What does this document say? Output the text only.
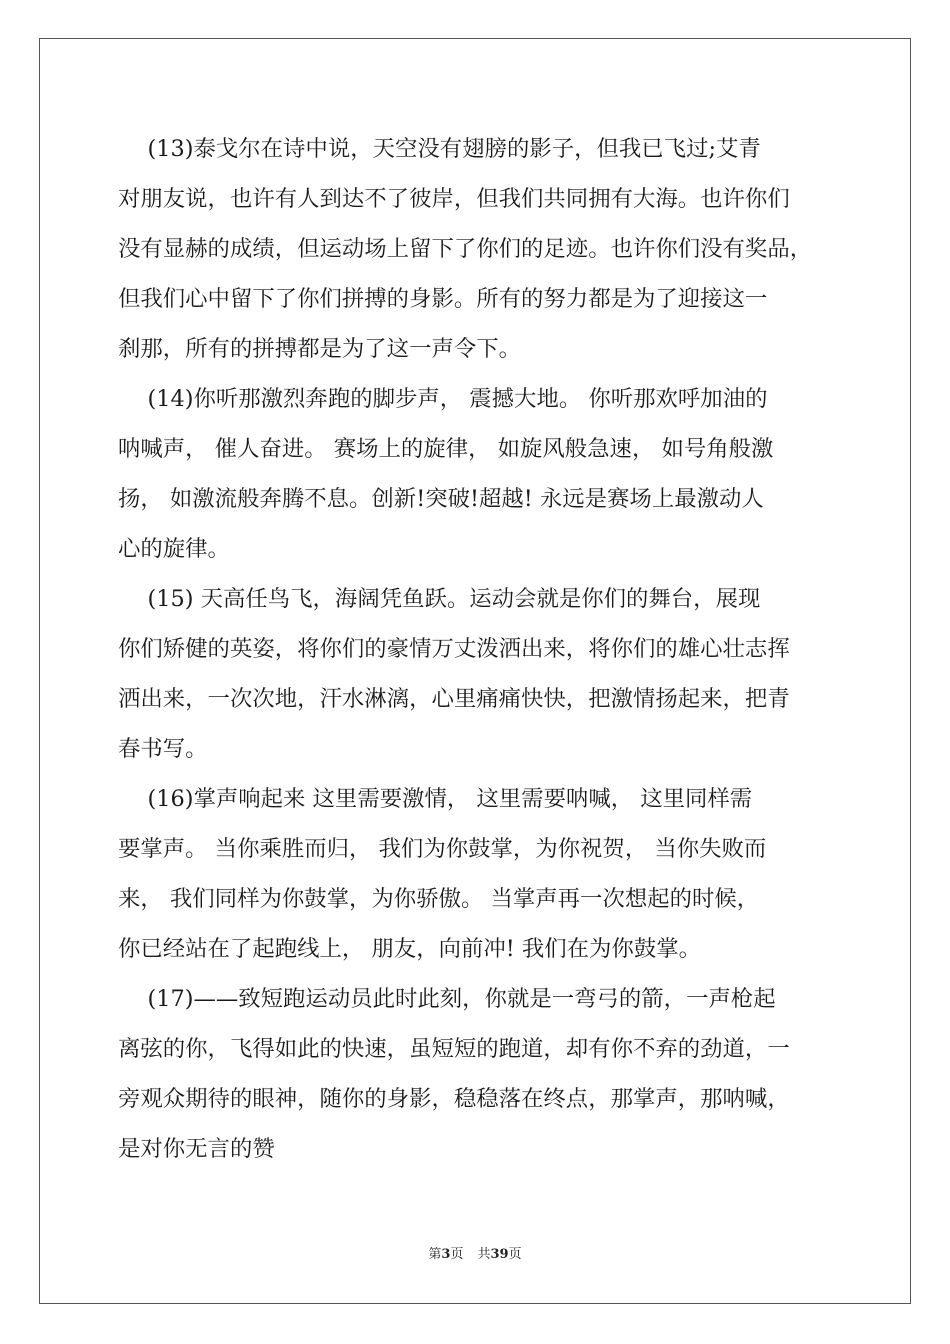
　 (13)泰戈尔在诗中说，天空没有翅膀的影子，但我已飞过;艾青
对朋友说，也许有人到达不了彼岸，但我们共同拥有大海。也许你们
没有显赫的成绩，但运动场上留下了你们的足迹。也许你们没有奖品，
但我们心中留下了你们拼搏的身影。所有的努力都是为了迎接这一
刹那，所有的拼搏都是为了这一声令下。
　 (14)你听那激烈奔跑的脚步声， 震撼大地。 你听那欢呼加油的
呐喊声， 催人奋进。 赛场上的旋律， 如旋风般急速， 如号角般激
扬， 如激流般奔腾不息。创新!突破!超越! 永远是赛场上最激动人
心的旋律。
　 (15) 天高任鸟飞，海阔凭鱼跃。运动会就是你们的舞台，展现
你们矫健的英姿，将你们的豪情万丈泼洒出来，将你们的雄心壮志挥
洒出来，一次次地，汗水淋漓，心里痛痛快快，把激情扬起来，把青
春书写。
　 (16)掌声响起来 这里需要激情， 这里需要呐喊， 这里同样需
要掌声。 当你乘胜而归， 我们为你鼓掌，为你祝贺， 当你失败而
来， 我们同样为你鼓掌，为你骄傲。 当掌声再一次想起的时候，
你已经站在了起跑线上， 朋友，向前冲! 我们在为你鼓掌。
　 (17)——致短跑运动员此时此刻，你就是一弯弓的箭，一声枪起
离弦的你，飞得如此的快速，虽短短的跑道，却有你不弃的劲道，一
旁观众期待的眼神，随你的身影，稳稳落在终点，那掌声，那呐喊，
是对你无言的赞
第3页 共39页
